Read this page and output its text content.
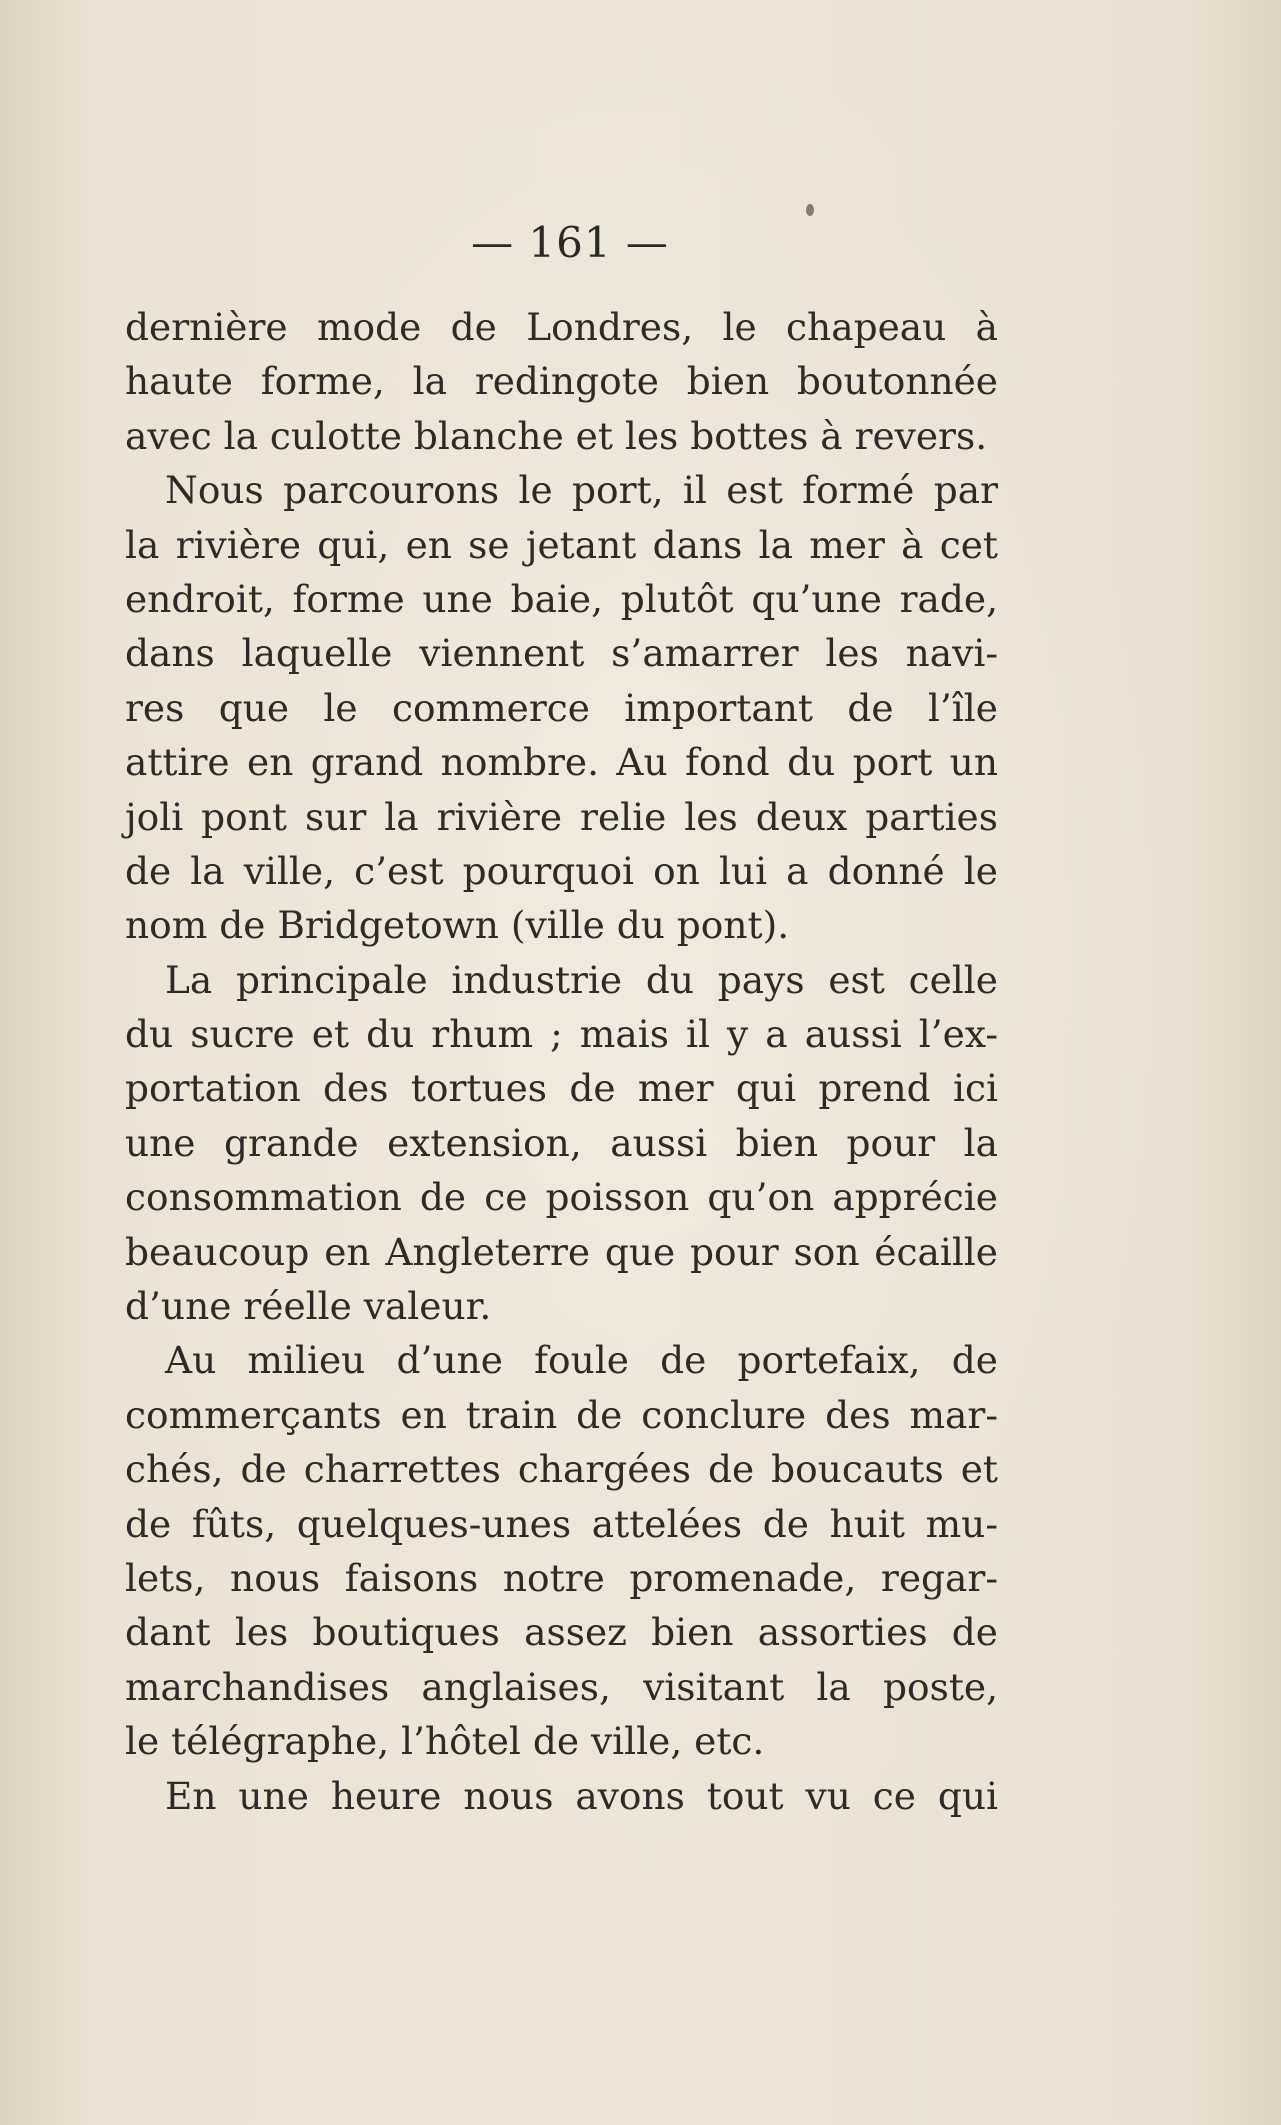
— 161 —
dernière mode de Londres, le chapeau à
haute forme, la redingote bien boutonnée
avec la culotte blanche et les bottes à revers.
Nous parcourons le port, il est formé par
la rivière qui, en se jetant dans la mer à cet
endroit, forme une baie, plutôt qu’une rade,
dans laquelle viennent s’amarrer les navi-
res que le commerce important de l’île
attire en grand nombre. Au fond du port un
joli pont sur la rivière relie les deux parties
de la ville, c’est pourquoi on lui a donné le
nom de Bridgetown (ville du pont).
La principale industrie du pays est celle
du sucre et du rhum ; mais il y a aussi l’ex-
portation des tortues de mer qui prend ici
une grande extension, aussi bien pour la
consommation de ce poisson qu’on apprécie
beaucoup en Angleterre que pour son écaille
d’une réelle valeur.
Au milieu d’une foule de portefaix, de
commerçants en train de conclure des mar-
chés, de charrettes chargées de boucauts et
de fûts, quelques-unes attelées de huit mu-
lets, nous faisons notre promenade, regar-
dant les boutiques assez bien assorties de
marchandises anglaises, visitant la poste,
le télégraphe, l’hôtel de ville, etc.
En une heure nous avons tout vu ce qui
